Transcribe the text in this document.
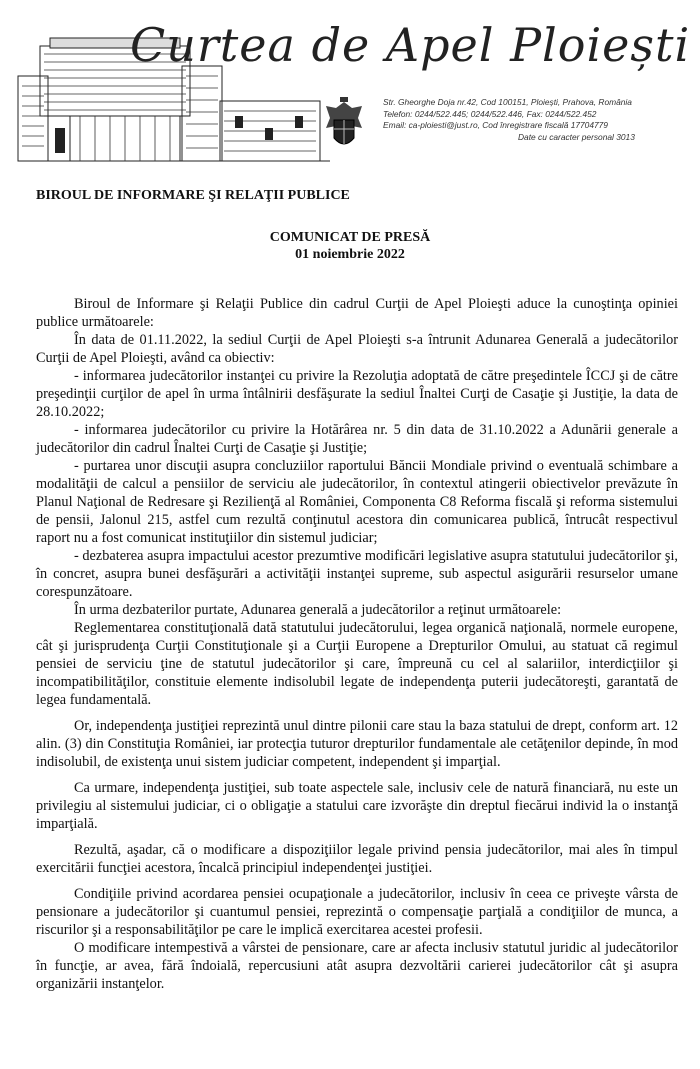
Curtea de Apel Ploiești
Str. Gheorghe Doja nr.42, Cod 100151, Ploiești, Prahova, România
Telefon: 0244/522.445; 0244/522.446, Fax: 0244/522.452
Email: ca-ploiesti@just.ro, Cod înregistrare fiscală 17704779
Date cu caracter personal 3013
BIROUL DE INFORMARE ŞI RELAŢII PUBLICE
COMUNICAT DE PRESĂ
01 noiembrie 2022

Biroul de Informare şi Relaţii Publice din cadrul Curţii de Apel Ploieşti aduce la cunoştinţa opiniei publice următoarele:

În data de 01.11.2022, la sediul Curţii de Apel Ploieşti s-a întrunit Adunarea Generală a judecătorilor Curţii de Apel Ploieşti, având ca obiectiv:

- informarea judecătorilor instanţei cu privire la Rezoluţia adoptată de către preşedintele ÎCCJ şi de către preşedinţii curţilor de apel în urma întâlnirii desfăşurate la sediul Înaltei Curţi de Casaţie şi Justiţie, la data de 28.10.2022;

- informarea judecătorilor cu privire la Hotărârea nr. 5 din data de 31.10.2022 a Adunării generale a judecătorilor din cadrul Înaltei Curţi de Casaţie şi Justiţie;

- purtarea unor discuţii asupra concluziilor raportului Băncii Mondiale privind o eventuală schimbare a modalităţii de calcul a pensiilor de serviciu ale judecătorilor, în contextul atingerii obiectivelor prevăzute în Planul Naţional de Redresare şi Rezilienţă al României, Componenta C8 Reforma fiscală şi reforma sistemului de pensii, Jalonul 215, astfel cum rezultă conţinutul acestora din comunicarea publică, întrucât respectivul raport nu a fost comunicat instituţiilor din sistemul judiciar;

- dezbaterea asupra impactului acestor prezumtive modificări legislative asupra statutului judecătorilor şi, în concret, asupra bunei desfăşurări a activităţii instanţei supreme, sub aspectul asigurării resurselor umane corespunzătoare.

În urma dezbaterilor purtate, Adunarea generală a judecătorilor a reţinut următoarele:

Reglementarea constituţională dată statutului judecătorului, legea organică naţională, normele europene, cât şi jurisprudenţa Curţii Constituţionale şi a Curţii Europene a Drepturilor Omului, au statuat că regimul pensiei de serviciu ţine de statutul judecătorilor şi care, împreună cu cel al salariilor, interdicţiilor şi incompatibilităţilor, constituie elemente indisolubil legate de independenţa puterii judecătoreşti, garantată de legea fundamentală.

Or, independenţa justiţiei reprezintă unul dintre pilonii care stau la baza statului de drept, conform art. 12 alin. (3) din Constituţia României, iar protecţia tuturor drepturilor fundamentale ale cetăţenilor depinde, în mod indisolubil, de existenţa unui sistem judiciar competent, independent şi imparţial.

Ca urmare, independenţa justiţiei, sub toate aspectele sale, inclusiv cele de natură financiară, nu este un privilegiu al sistemului judiciar, ci o obligaţie a statului care izvorăşte din dreptul fiecărui individ la o instanţă imparţială.

Rezultă, aşadar, că o modificare a dispoziţiilor legale privind pensia judecătorilor, mai ales în timpul exercitării funcţiei acestora, încalcă principiul independenţei justiţiei.

Condiţiile privind acordarea pensiei ocupaţionale a judecătorilor, inclusiv în ceea ce priveşte vârsta de pensionare a judecătorilor şi cuantumul pensiei, reprezintă o compensaţie parţială a condiţiilor de munca, a riscurilor şi a responsabilităţilor pe care le implică exercitarea acestei profesii.

O modificare intempestivă a vârstei de pensionare, care ar afecta inclusiv statutul juridic al judecătorilor în funcţie, ar avea, fără îndoială, repercusiuni atât asupra dezvoltării carierei judecătorilor cât şi asupra organizării instanţelor.
